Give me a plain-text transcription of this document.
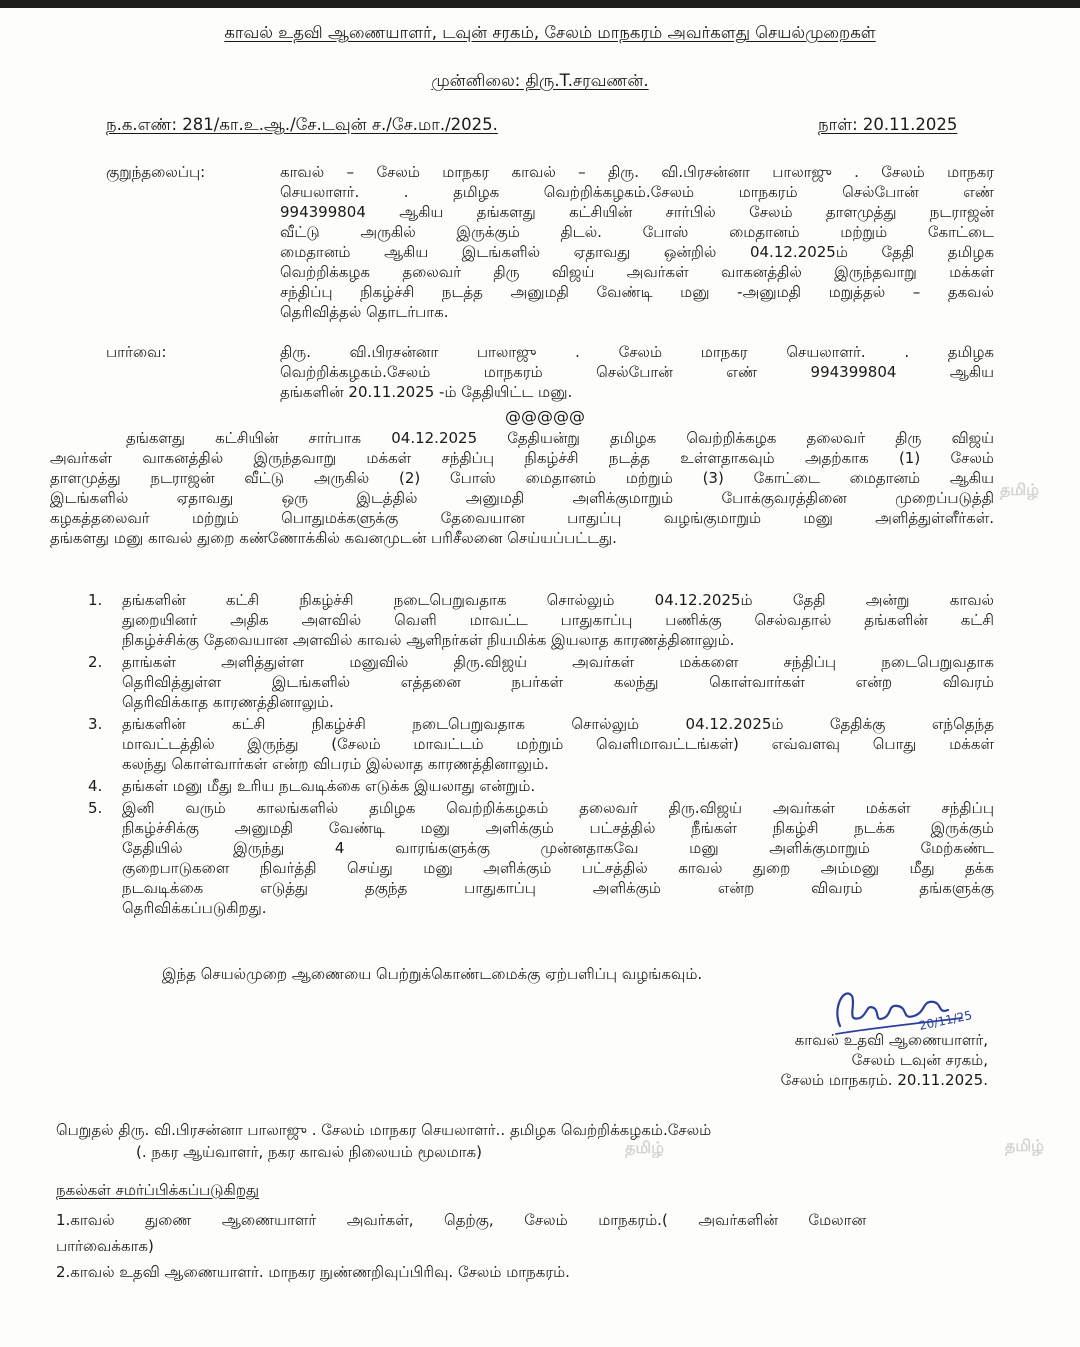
காவல் உதவி ஆணையாளர், டவுன் சரகம், சேலம் மாநகரம் அவர்களது செயல்முறைகள்
முன்னிலை: திரு.T.சரவணன்.
ந.க.எண்: 281/கா.உ.ஆ./சே.டவுன் ச./சே.மா./2025.	நாள்: 20.11.2025
குறுந்தலைப்பு:	காவல் – சேலம் மாநகர காவல் – திரு. வி.பிரசன்னா பாலாஜு . சேலம் மாநகர
செயலாளர். . தமிழக வெற்றிக்கழகம்.சேலம் மாநகரம் செல்போன் எண்
994399804 ஆகிய தங்களது கட்சியின் சார்பில் சேலம் தாளமுத்து நடராஜன்
வீட்டு அருகில் இருக்கும் திடல். போஸ் மைதானம் மற்றும் கோட்டை
மைதானம் ஆகிய இடங்களில் ஏதாவது ஒன்றில் 04.12.2025ம் தேதி தமிழக
வெற்றிக்கழக தலைவர் திரு விஜய் அவர்கள் வாகனத்தில் இருந்தவாறு மக்கள்
சந்திப்பு நிகழ்ச்சி நடத்த அனுமதி வேண்டி மனு -அனுமதி மறுத்தல் – தகவல்
தெரிவித்தல் தொடர்பாக.
பார்வை:	திரு. வி.பிரசன்னா பாலாஜு . சேலம் மாநகர செயலாளர். . தமிழக
வெற்றிக்கழகம்.சேலம் மாநகரம் செல்போன் எண் 994399804 ஆகிய
தங்களின் 20.11.2025 -ம் தேதியிட்ட மனு.
@@@@@
தங்களது கட்சியின் சார்பாக 04.12.2025 தேதியன்று தமிழக வெற்றிக்கழக தலைவர் திரு விஜய்
அவர்கள் வாகனத்தில் இருந்தவாறு மக்கள் சந்திப்பு நிகழ்ச்சி நடத்த உள்ளதாகவும் அதற்காக (1) சேலம்
தாளமுத்து நடராஜன் வீட்டு அருகில் (2) போஸ் மைதானம் மற்றும் (3) கோட்டை மைதானம் ஆகிய
இடங்களில் ஏதாவது ஒரு இடத்தில் அனுமதி அளிக்குமாறும் போக்குவரத்தினை முறைப்படுத்தி
கழகத்தலைவர் மற்றும் பொதுமக்களுக்கு தேவையான பாதுப்பு வழங்குமாறும் மனு அளித்துள்ளீர்கள்.
தங்களது மனு காவல் துறை கண்ணோக்கில் கவனமுடன் பரிசீலனை செய்யப்பட்டது.
1. தங்களின் கட்சி நிகழ்ச்சி நடைபெறுவதாக சொல்லும் 04.12.2025ம் தேதி அன்று காவல்
துறையினர் அதிக அளவில் வெளி மாவட்ட பாதுகாப்பு பணிக்கு செல்வதால் தங்களின் கட்சி
நிகழ்ச்சிக்கு தேவையான அளவில் காவல் ஆளிநர்கள் நியமிக்க இயலாத காரணத்தினாலும்.
2. தாங்கள் அளித்துள்ள மனுவில் திரு.விஜய் அவர்கள் மக்களை சந்திப்பு நடைபெறுவதாக
தெரிவித்துள்ள இடங்களில் எத்தனை நபர்கள் கலந்து கொள்வார்கள் என்ற விவரம்
தெரிவிக்காத காரணத்தினாலும்.
3. தங்களின் கட்சி நிகழ்ச்சி நடைபெறுவதாக சொல்லும் 04.12.2025ம் தேதிக்கு எந்தெந்த
மாவட்டத்தில் இருந்து (சேலம் மாவட்டம் மற்றும் வெளிமாவட்டங்கள்) எவ்வளவு பொது மக்கள்
கலந்து கொள்வார்கள் என்ற விபரம் இல்லாத காரணத்தினாலும்.
4. தங்கள் மனு மீது உரிய நடவடிக்கை எடுக்க இயலாது என்றும்.
5. இனி வரும் காலங்களில் தமிழக வெற்றிக்கழகம் தலைவர் திரு.விஜய் அவர்கள் மக்கள் சந்திப்பு
நிகழ்ச்சிக்கு அனுமதி வேண்டி மனு அளிக்கும் பட்சத்தில் நீங்கள் நிகழ்சி நடக்க இருக்கும்
தேதியில் இருந்து 4 வாரங்களுக்கு முன்னதாகவே மனு அளிக்குமாறும் மேற்கண்ட
குறைபாடுகளை நிவர்த்தி செய்து மனு அளிக்கும் பட்சத்தில் காவல் துறை அம்மனு மீது தக்க
நடவடிக்கை எடுத்து தகுந்த பாதுகாப்பு அளிக்கும் என்ற விவரம் தங்களுக்கு
தெரிவிக்கப்படுகிறது.
இந்த செயல்முறை ஆணையை பெற்றுக்கொண்டமைக்கு ஏற்பளிப்பு வழங்கவும்.
20/11/25
காவல் உதவி ஆணையாளர்,
சேலம் டவுன் சரகம்,
சேலம் மாநகரம். 20.11.2025.
பெறுதல் திரு. வி.பிரசன்னா பாலாஜு . சேலம் மாநகர செயலாளர்.. தமிழக வெற்றிக்கழகம்.சேலம்
(. நகர ஆய்வாளர், நகர காவல் நிலையம் மூலமாக)
நகல்கள் சமர்ப்பிக்கப்படுகிறது
1.காவல் துணை ஆணையாளர் அவர்கள், தெற்கு, சேலம் மாநகரம்.( அவர்களின் மேலான
பார்வைக்காக)
2.காவல் உதவி ஆணையாளர். மாநகர நுண்ணறிவுப்பிரிவு. சேலம் மாநகரம்.
தமிழ்
தமிழ்	தமிழ்
